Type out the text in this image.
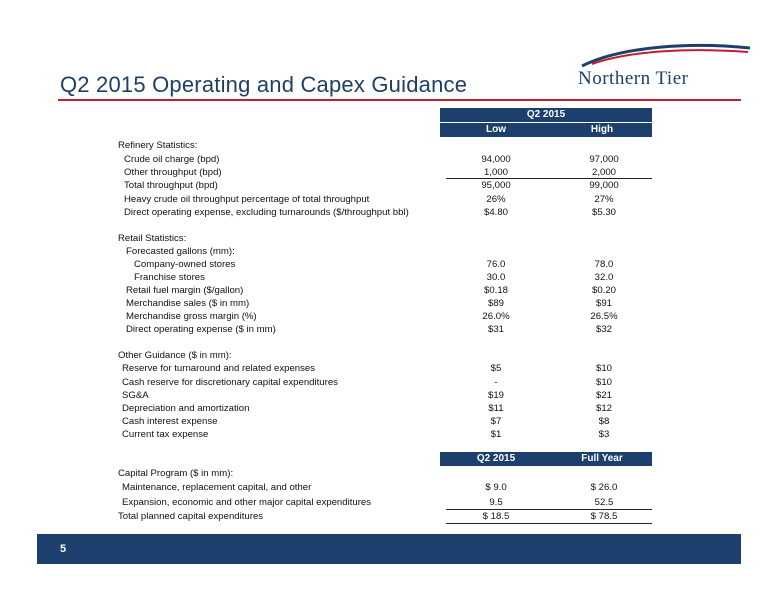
Q2 2015 Operating and Capex Guidance	Northern Tier
Q2 2015
Low	High
Refinery Statistics:
Crude oil charge (bpd)	94,000	97,000
Other throughput (bpd)	1,000	2,000
Total throughput (bpd)	95,000	99,000
Heavy crude oil throughput percentage of total throughput	26%	27%
Direct operating expense, excluding turnarounds ($/throughput bbl)	$4.80	$5.30
Retail Statistics:
Forecasted gallons (mm):
Company-owned stores	76.0	78.0
Franchise stores	30.0	32.0
Retail fuel margin ($/gallon)	$0.18	$0.20
Merchandise sales ($ in mm)	$89	$91
Merchandise gross margin (%)	26.0%	26.5%
Direct operating expense ($ in mm)	$31	$32
Other Guidance ($ in mm):
Reserve for turnaround and related expenses	$5	$10
Cash reserve for discretionary capital expenditures	-	$10
SG&A	$19	$21
Depreciation and amortization	$11	$12
Cash interest expense	$7	$8
Current tax expense	$1	$3
Q2 2015	Full Year
Capital Program ($ in mm):
Maintenance, replacement capital, and other	$ 9.0	$ 26.0
Expansion, economic and other major capital expenditures	9.5	52.5
Total planned capital expenditures	$ 18.5	$ 78.5
5
